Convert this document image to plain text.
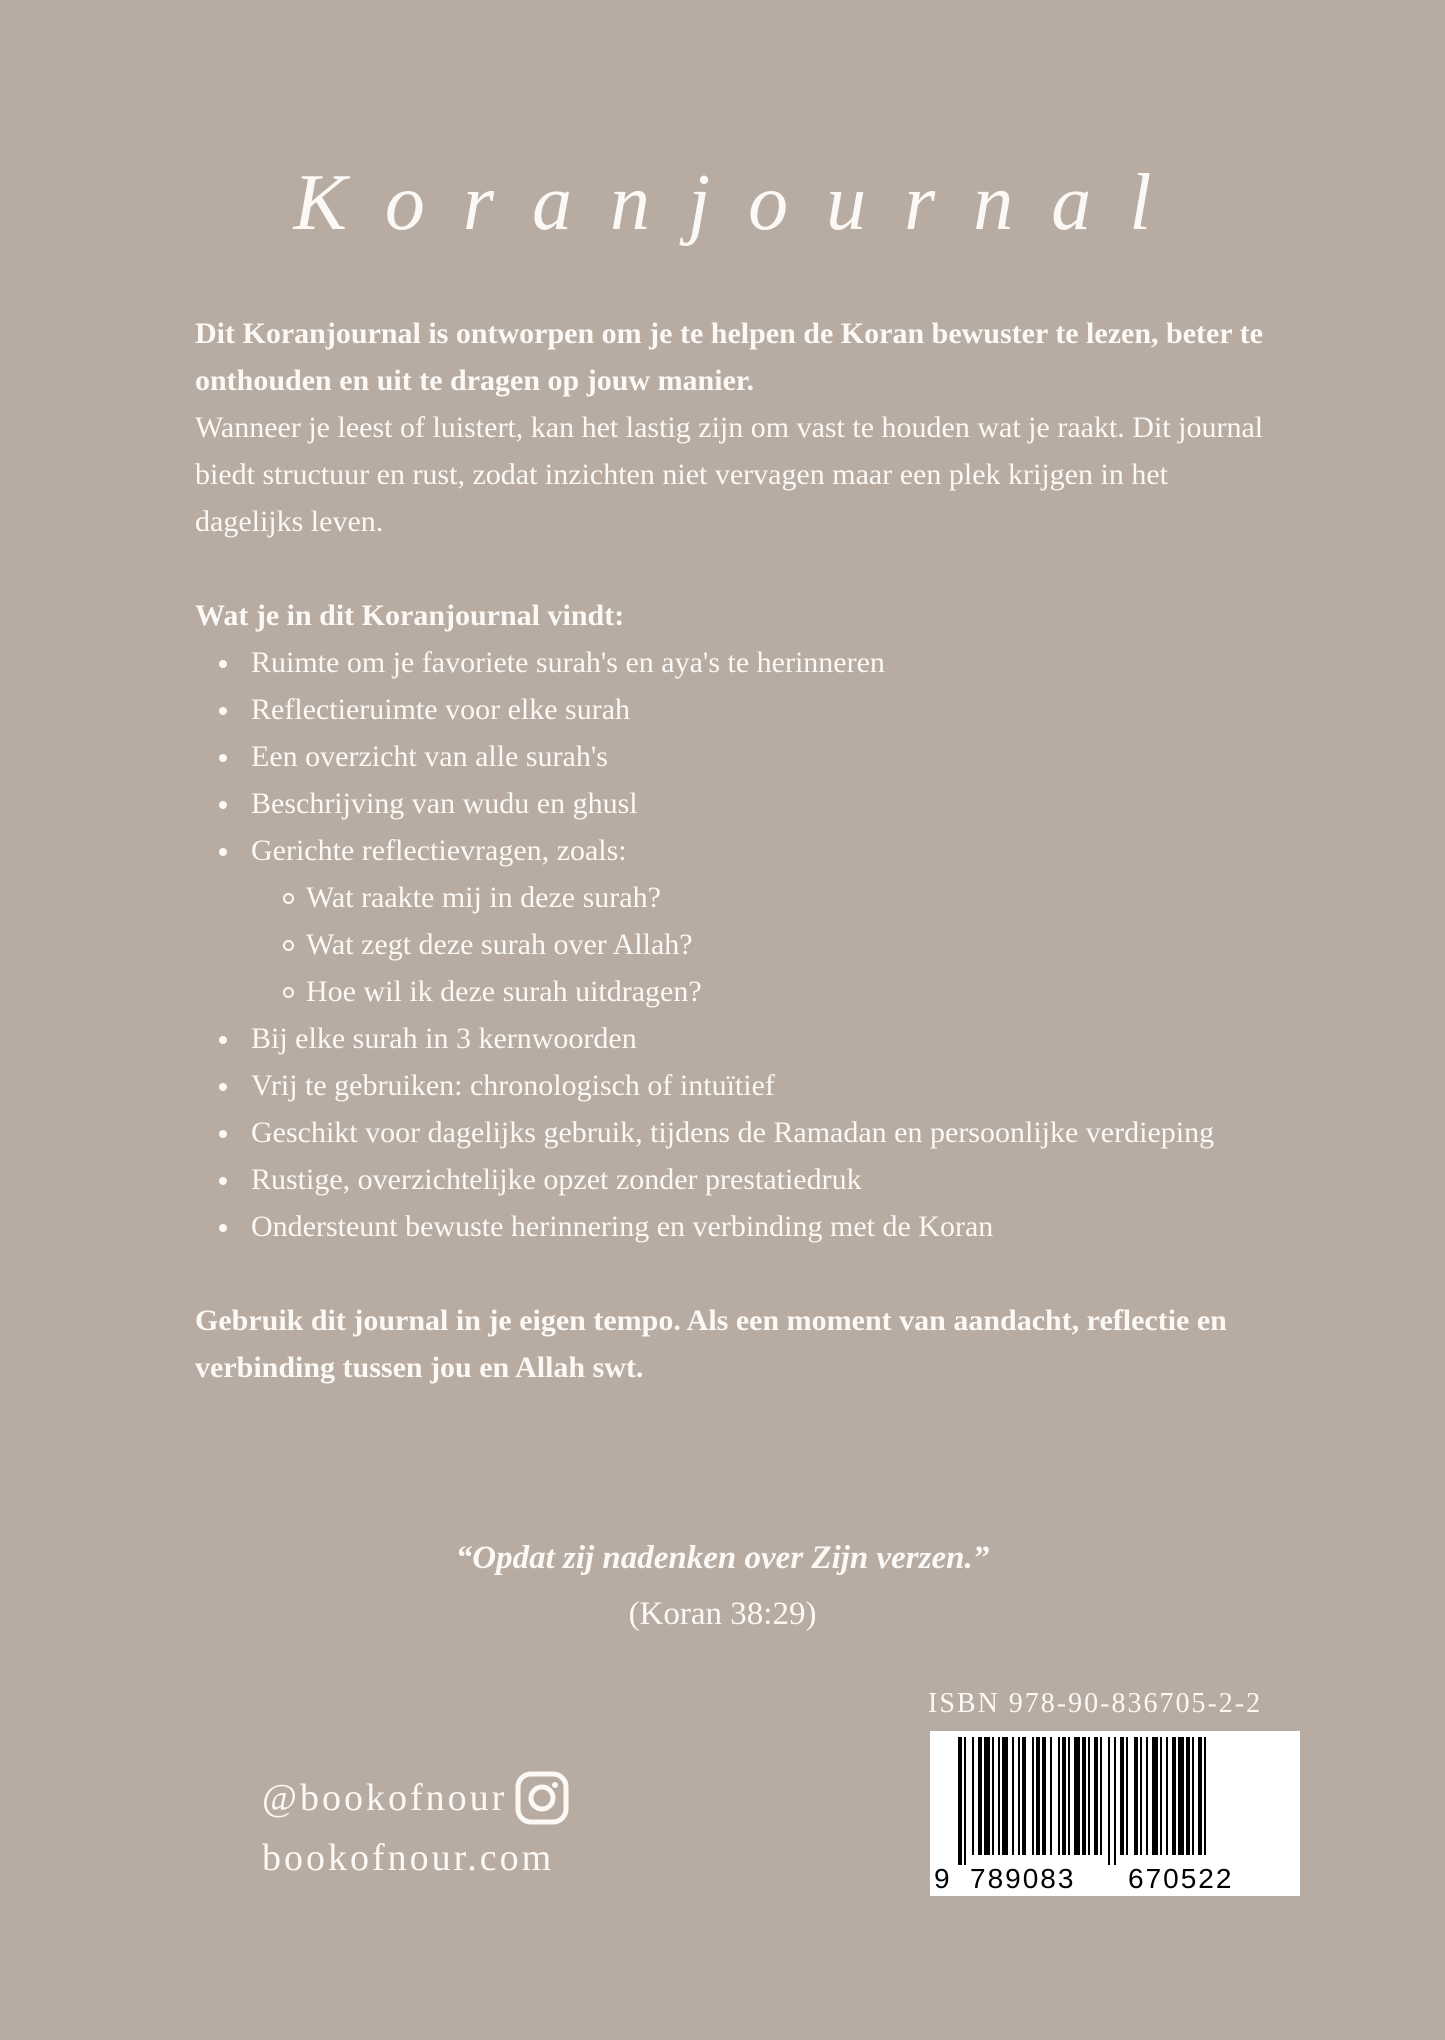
Koranjournal

Dit Koranjournal is ontworpen om je te helpen de Koran bewuster te lezen, beter te onthouden en uit te dragen op jouw manier.

Wanneer je leest of luistert, kan het lastig zijn om vast te houden wat je raakt. Dit journal biedt structuur en rust, zodat inzichten niet vervagen maar een plek krijgen in het dagelijks leven.

Wat je in dit Koranjournal vindt:

Ruimte om je favoriete surah's en aya's te herinneren
Reflectieruimte voor elke surah
Een overzicht van alle surah's
Beschrijving van wudu en ghusl
Gerichte reflectievragen, zoals:
Wat raakte mij in deze surah?
Wat zegt deze surah over Allah?
Hoe wil ik deze surah uitdragen?
Bij elke surah in 3 kernwoorden
Vrij te gebruiken: chronologisch of intuïtief
Geschikt voor dagelijks gebruik, tijdens de Ramadan en persoonlijke verdieping
Rustige, overzichtelijke opzet zonder prestatiedruk
Ondersteunt bewuste herinnering en verbinding met de Koran

Gebruik dit journal in je eigen tempo. Als een moment van aandacht, reflectie en verbinding tussen jou en Allah swt.

“Opdat zij nadenken over Zijn verzen.”
(Koran 38:29)
@bookofnour
bookofnour.com
ISBN 978-90-836705-2-2
9 789083 670522
